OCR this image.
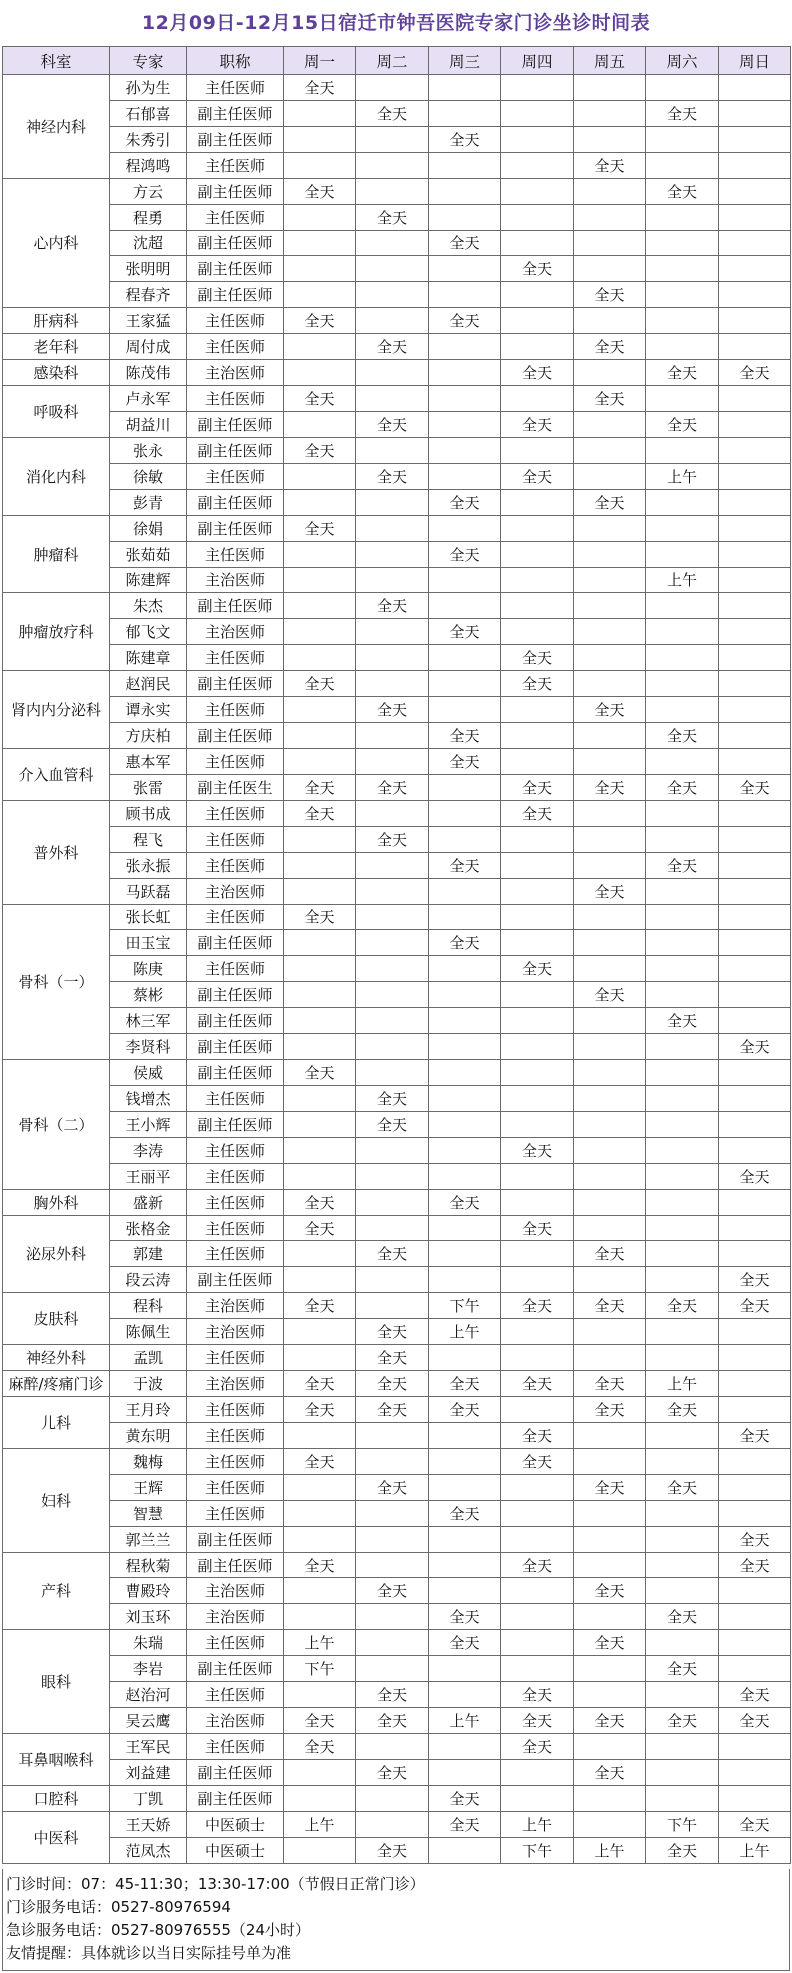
12月09日-12月15日宿迁市钟吾医院专家门诊坐诊时间表
科室	专家	职称	周一	周二	周三	周四	周五	周六	周日
神经内科	孙为生	主任医师	全天						
	石郁喜	副主任医师		全天				全天	
	朱秀引	副主任医师			全天				
	程鸿鸣	主任医师					全天		
心内科	方云	副主任医师	全天					全天	
	程勇	主任医师		全天					
	沈超	副主任医师			全天				
	张明明	副主任医师				全天			
	程春齐	副主任医师					全天		
肝病科	王家猛	主任医师	全天		全天				
老年科	周付成	主任医师		全天			全天		
感染科	陈茂伟	主治医师				全天		全天	全天
呼吸科	卢永军	主任医师	全天				全天		
	胡益川	副主任医师		全天		全天		全天	
消化内科	张永	副主任医师	全天						
	徐敏	主任医师		全天		全天		上午	
	彭青	副主任医师			全天		全天		
肿瘤科	徐娟	副主任医师	全天						
	张茹茹	主任医师			全天				
	陈建辉	主治医师						上午	
肿瘤放疗科	朱杰	副主任医师		全天					
	郁飞文	主治医师			全天				
	陈建章	主任医师				全天			
肾内内分泌科	赵润民	副主任医师	全天			全天			
	谭永实	主任医师		全天			全天		
	方庆柏	副主任医师			全天			全天	
介入血管科	惠本军	主任医师			全天				
	张雷	副主任医生	全天	全天		全天	全天	全天	全天
普外科	顾书成	主任医师	全天			全天			
	程飞	主任医师		全天					
	张永振	主任医师			全天			全天	
	马跃磊	主治医师					全天		
骨科（一）	张长虹	主任医师	全天						
	田玉宝	副主任医师			全天				
	陈庚	主任医师				全天			
	蔡彬	副主任医师					全天		
	林三军	副主任医师						全天	
	李贤科	副主任医师							全天
骨科（二）	侯威	副主任医师	全天						
	钱增杰	主任医师		全天					
	王小辉	副主任医师		全天					
	李涛	主任医师				全天			
	王丽平	主任医师							全天
胸外科	盛新	主任医师	全天		全天				
泌尿外科	张格金	主任医师	全天			全天			
	郭建	主任医师		全天			全天		
	段云涛	副主任医师							全天
皮肤科	程科	主治医师	全天		下午	全天	全天	全天	全天
	陈佩生	主治医师		全天	上午				
神经外科	孟凯	主任医师		全天					
麻醉/疼痛门诊	于波	主治医师	全天	全天	全天	全天	全天	上午	
儿科	王月玲	主任医师	全天	全天	全天		全天	全天	
	黄东明	主任医师				全天			全天
妇科	魏梅	主任医师	全天			全天			
	王辉	主任医师		全天			全天	全天	
	智慧	主任医师			全天				
	郭兰兰	副主任医师							全天
产科	程秋菊	副主任医师	全天			全天			全天
	曹殿玲	主治医师		全天			全天		
	刘玉环	主治医师			全天			全天	
眼科	朱瑞	主任医师	上午		全天		全天		
	李岩	副主任医师	下午					全天	
	赵治河	主任医师		全天		全天			全天
	吴云鹰	主治医师	全天	全天	上午	全天	全天	全天	全天
耳鼻咽喉科	王军民	主任医师	全天			全天			
	刘益建	副主任医师		全天			全天		
口腔科	丁凯	副主任医师			全天				
中医科	王天娇	中医硕士	上午		全天	上午		下午	全天
	范凤杰	中医硕士		全天		下午	上午	全天	上午
门诊时间：07：45-11:30；13:30-17:00（节假日正常门诊）
门诊服务电话：0527-80976594
急诊服务电话：0527-80976555（24小时）
友情提醒：具体就诊以当日实际挂号单为准
